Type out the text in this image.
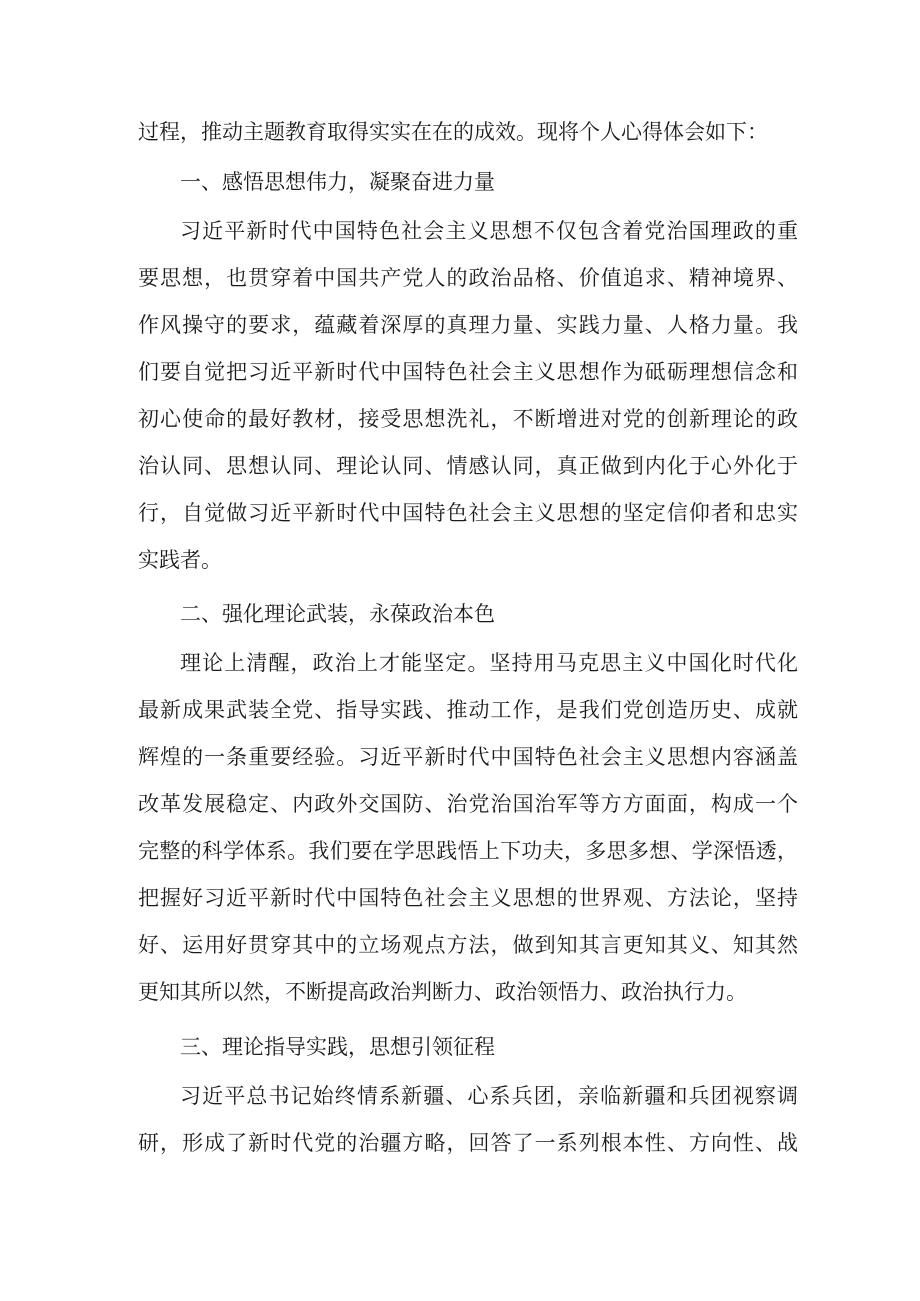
过程，推动主题教育取得实实在在的成效。现将个人心得体会如下：
一、感悟思想伟力，凝聚奋进力量
习近平新时代中国特色社会主义思想不仅包含着党治国理政的重
要思想，也贯穿着中国共产党人的政治品格、价值追求、精神境界、
作风操守的要求，蕴藏着深厚的真理力量、实践力量、人格力量。我
们要自觉把习近平新时代中国特色社会主义思想作为砥砺理想信念和
初心使命的最好教材，接受思想洗礼，不断增进对党的创新理论的政
治认同、思想认同、理论认同、情感认同，真正做到内化于心外化于
行，自觉做习近平新时代中国特色社会主义思想的坚定信仰者和忠实
实践者。
二、强化理论武装，永葆政治本色
理论上清醒，政治上才能坚定。坚持用马克思主义中国化时代化
最新成果武装全党、指导实践、推动工作，是我们党创造历史、成就
辉煌的一条重要经验。习近平新时代中国特色社会主义思想内容涵盖
改革发展稳定、内政外交国防、治党治国治军等方方面面，构成一个
完整的科学体系。我们要在学思践悟上下功夫，多思多想、学深悟透，
把握好习近平新时代中国特色社会主义思想的世界观、方法论，坚持
好、运用好贯穿其中的立场观点方法，做到知其言更知其义、知其然
更知其所以然，不断提高政治判断力、政治领悟力、政治执行力。
三、理论指导实践，思想引领征程
习近平总书记始终情系新疆、心系兵团，亲临新疆和兵团视察调
研，形成了新时代党的治疆方略，回答了一系列根本性、方向性、战
